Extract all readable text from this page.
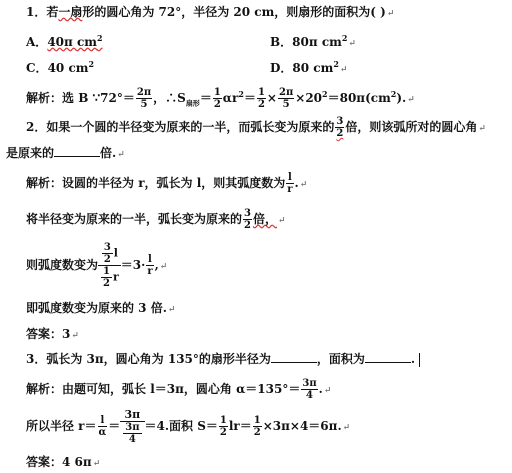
1．若一扇形的圆心角为 72°，半径为 20 cm，则扇形的面积为( )↵
A．40π $cm^2$	B．80π $cm^2↵$
C．40 $cm^2$	D．80 $cm^2↵$
解析：选 B ∵72°＝ $\frac{2\pi}{5}$ ，$\therefore S_{扇形}= \frac{1}{2} \alpha r^2= \frac{1}{2} \times \frac{2\pi}{5}$ $\times 20^2=80\pi(cm^2).↵$
2．如果一个圆的半径变为原来的一半，而弧长变为原来的 $\frac{3}{2}$ 倍，则该弧所对的圆心角↵
是原来的	倍.↵
解析：设圆的半径为 r，弧长为 l，则其弧度数为 $\frac{l}{r}$ .↵
将半径变为原来的一半，弧长变为原来的 $\frac{3}{2}$ 倍，↵
则弧度数变为 $\frac{\frac{3}{2} l}{\frac{1}{2} r} =3\cdot \frac{l}{r}$ ,↵
即弧度数变为原来的 3 倍.↵
答案：3↵
3．弧长为 3π，圆心角为 135°的扇形半径为	，面积为	.
解析：由题可知，弧长 l＝3π，圆心角 $\alpha=135^\circ= \frac{3\pi}{4}$ .↵
所以半径 $r= \frac{l}{\alpha} = \frac{3\pi}{\frac{3\pi}{4}} =4$.面积 $S= \frac{1}{2} lr= \frac{1}{2}$ ×3π×4＝6π.↵
答案：4 6π↵
